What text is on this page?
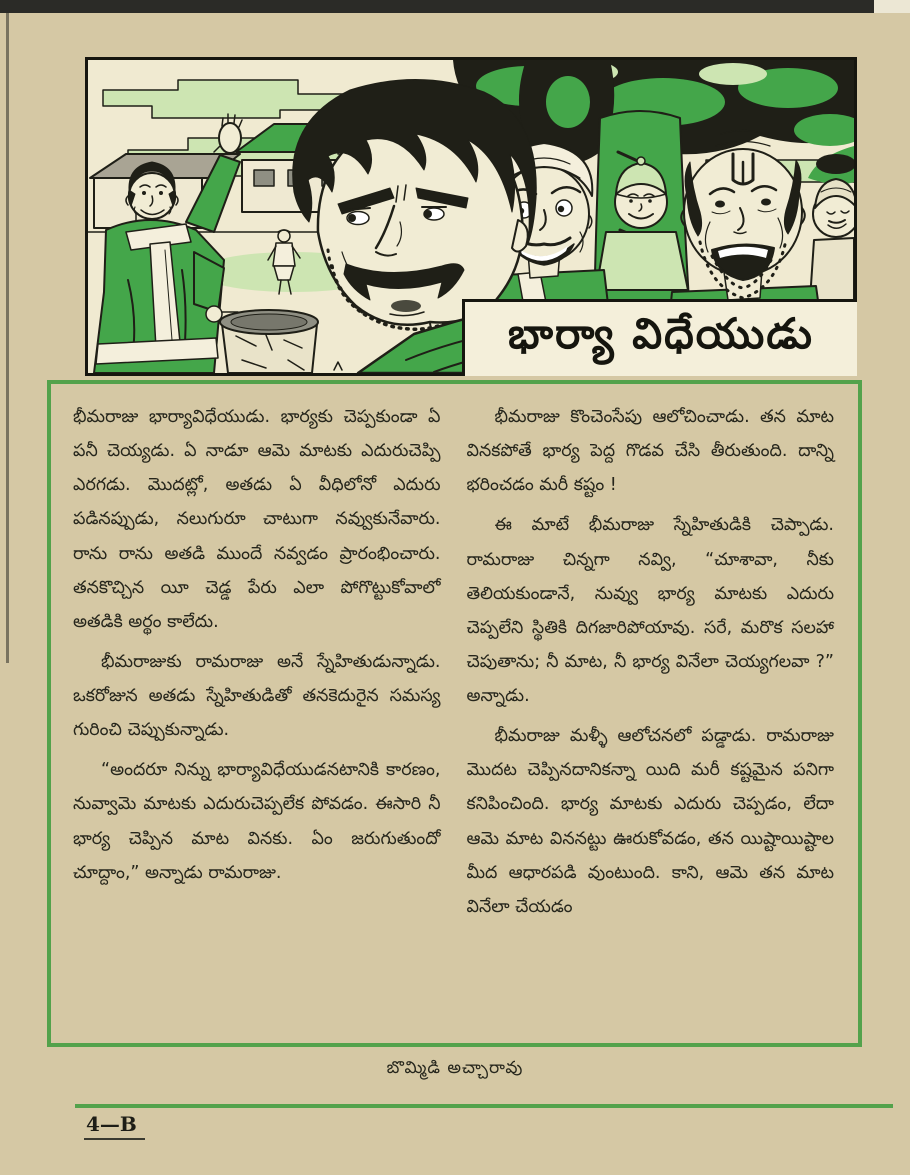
భార్యా విధేయుడు

భీమరాజు భార్యావిధేయుడు. భార్యకు చెప్పకుండా ఏ పనీ చెయ్యడు. ఏ నాడూ ఆమె మాటకు ఎదురుచెప్పి ఎరగడు. మొదట్లో, అతడు ఏ వీధిలోనో ఎదురు పడినప్పుడు, నలుగురూ చాటుగా నవ్వుకునేవారు. రాను రాను అతడి ముందే నవ్వడం ప్రారంభించారు. తనకొచ్చిన యీ చెడ్డ పేరు ఎలా పోగొట్టుకోవాలో అతడికి అర్థం కాలేదు.

భీమరాజుకు రామరాజు అనే స్నేహితుడున్నాడు. ఒకరోజున అతడు స్నేహితుడితో తనకెదురైన సమస్య గురించి చెప్పుకున్నాడు.

“అందరూ నిన్ను భార్యావిధేయుడనటానికి కారణం, నువ్వామె మాటకు ఎదురుచెప్పలేక పోవడం. ఈసారి నీ భార్య చెప్పిన మాట వినకు. ఏం జరుగుతుందో చూద్దాం,” అన్నాడు రామరాజు.

భీమరాజు కొంచెంసేపు ఆలోచించాడు. తన మాట వినకపోతే భార్య పెద్ద గొడవ చేసి తీరుతుంది. దాన్ని భరించడం మరీ కష్టం !

ఈ మాటే భీమరాజు స్నేహితుడికి చెప్పాడు. రామరాజు చిన్నగా నవ్వి, “చూశావా, నీకు తెలియకుండానే, నువ్వు భార్య మాటకు ఎదురు చెప్పలేని స్థితికి దిగజారిపోయావు. సరే, మరొక సలహా చెపుతాను; నీ మాట, నీ భార్య వినేలా చెయ్యగలవా ?” అన్నాడు.

భీమరాజు మళ్ళీ ఆలోచనలో పడ్డాడు. రామరాజు మొదట చెప్పినదానికన్నా యిది మరీ కష్టమైన పనిగా కనిపించింది. భార్య మాటకు ఎదురు చెప్పడం, లేదా ఆమె మాట విననట్టు ఊరుకోవడం, తన యిష్టాయిష్టాల మీద ఆధారపడి వుంటుంది. కాని, ఆమె తన మాట వినేలా చేయడం

బొమ్మిడి అచ్చారావు
4—B
